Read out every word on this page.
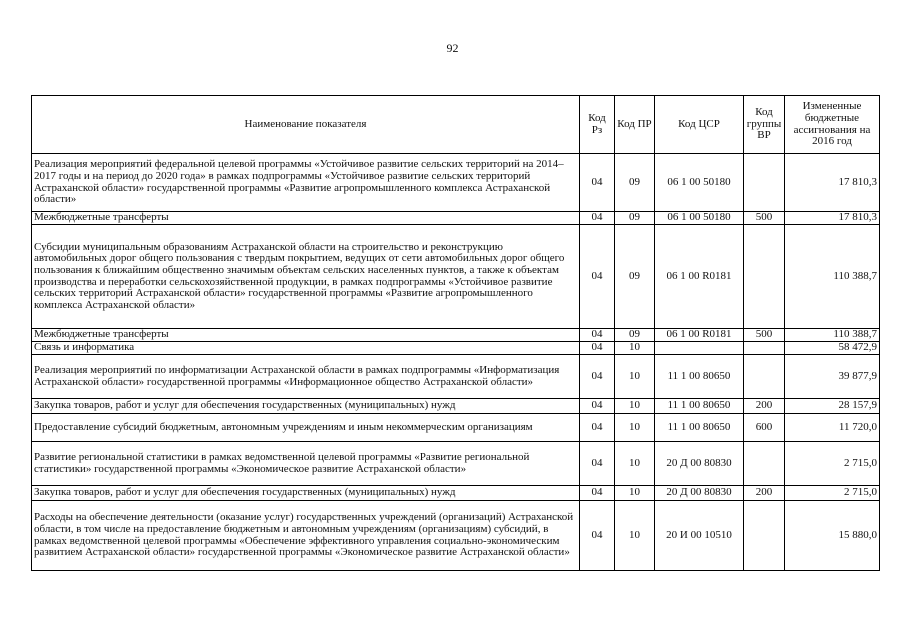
92
Наименование показателя	Код Рз	Код ПР	Код ЦСР	Код группы ВР	Измененные бюджетные ассигнования на 2016 год
Реализация мероприятий федеральной целевой программы «Устойчивое развитие сельских территорий на 2014–2017 годы и на период до 2020 года» в рамках подпрограммы «Устойчивое развитие сельских территорий Астраханской области» государственной программы «Развитие агропромышленного комплекса Астраханской области»	04	09	06 1 00 50180		17 810,3
Межбюджетные трансферты	04	09	06 1 00 50180	500	17 810,3
Субсидии муниципальным образованиям Астраханской области на строительство и реконструкцию автомобильных дорог общего пользования с твердым покрытием, ведущих от сети автомобильных дорог общего пользования к ближайшим общественно значимым объектам сельских населенных пунктов, а также к объектам производства и переработки сельскохозяйственной продукции, в рамках подпрограммы «Устойчивое развитие сельских территорий Астраханской области» государственной программы «Развитие агропромышленного комплекса Астраханской области»	04	09	06 1 00 R0181		110 388,7
Межбюджетные трансферты	04	09	06 1 00 R0181	500	110 388,7
Связь и информатика	04	10			58 472,9
Реализация мероприятий по информатизации Астраханской области в рамках подпрограммы «Информатизация Астраханской области» государственной программы «Информационное общество Астраханской области»	04	10	11 1 00 80650		39 877,9
Закупка товаров, работ и услуг для обеспечения государственных (муниципальных) нужд	04	10	11 1 00 80650	200	28 157,9
Предоставление субсидий бюджетным, автономным учреждениям и иным некоммерческим организациям	04	10	11 1 00 80650	600	11 720,0
Развитие региональной статистики в рамках ведомственной целевой программы «Развитие региональной статистики» государственной программы «Экономическое развитие Астраханской области»	04	10	20 Д 00 80830		2 715,0
Закупка товаров, работ и услуг для обеспечения государственных (муниципальных) нужд	04	10	20 Д 00 80830	200	2 715,0
Расходы на обеспечение деятельности (оказание услуг) государственных учреждений (организаций) Астраханской области, в том числе на предоставление бюджетным и автономным учреждениям (организациям) субсидий, в рамках ведомственной целевой программы «Обеспечение эффективного управления социально-экономическим развитием Астраханской области» государственной программы «Экономическое развитие Астраханской области»	04	10	20 И 00 10510		15 880,0
